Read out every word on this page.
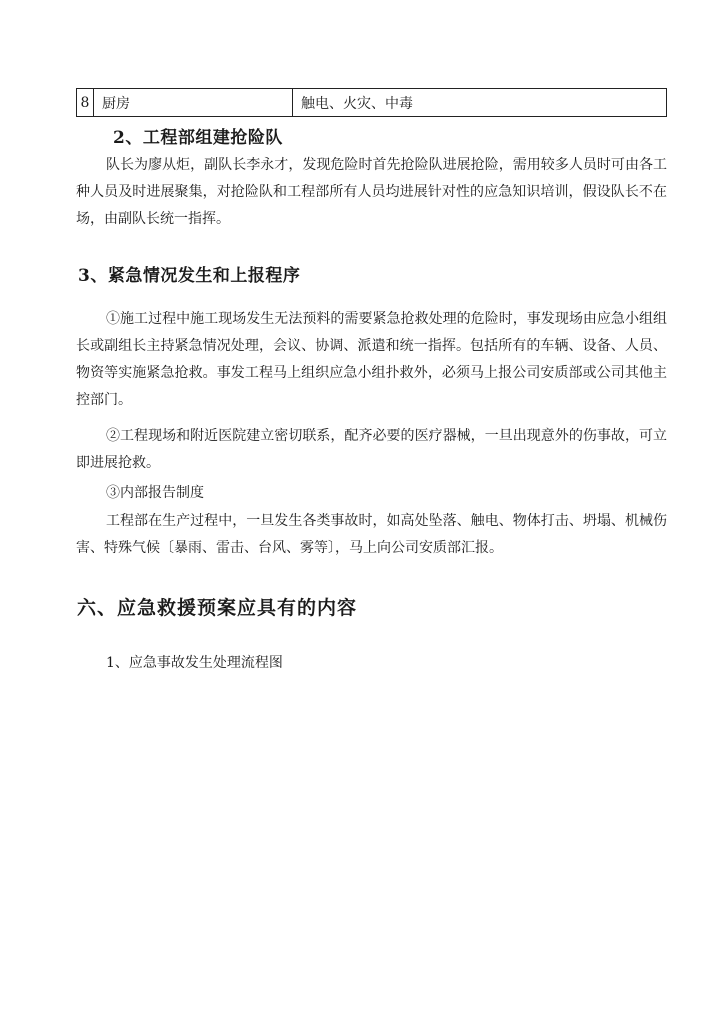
8	厨房	触电、火灾、中毒
2、工程部组建抢险队

队长为廖从炬，副队长李永才，发现危险时首先抢险队进展抢险，需用较多人员时可由各工种人员及时进展聚集，对抢险队和工程部所有人员均进展针对性的应急知识培训，假设队长不在场，由副队长统一指挥。

3、紧急情况发生和上报程序

①施工过程中施工现场发生无法预料的需要紧急抢救处理的危险时，事发现场由应急小组组长或副组长主持紧急情况处理，会议、协调、派遣和统一指挥。包括所有的车辆、设备、人员、物资等实施紧急抢救。事发工程马上组织应急小组扑救外，必须马上报公司安质部或公司其他主控部门。

②工程现场和附近医院建立密切联系，配齐必要的医疗器械，一旦出现意外的伤事故，可立即进展抢救。

③内部报告制度

工程部在生产过程中，一旦发生各类事故时，如高处坠落、触电、物体打击、坍塌、机械伤害、特殊气候〔暴雨、雷击、台风、雾等〕，马上向公司安质部汇报。

六、应急救援预案应具有的内容
1、应急事故发生处理流程图
